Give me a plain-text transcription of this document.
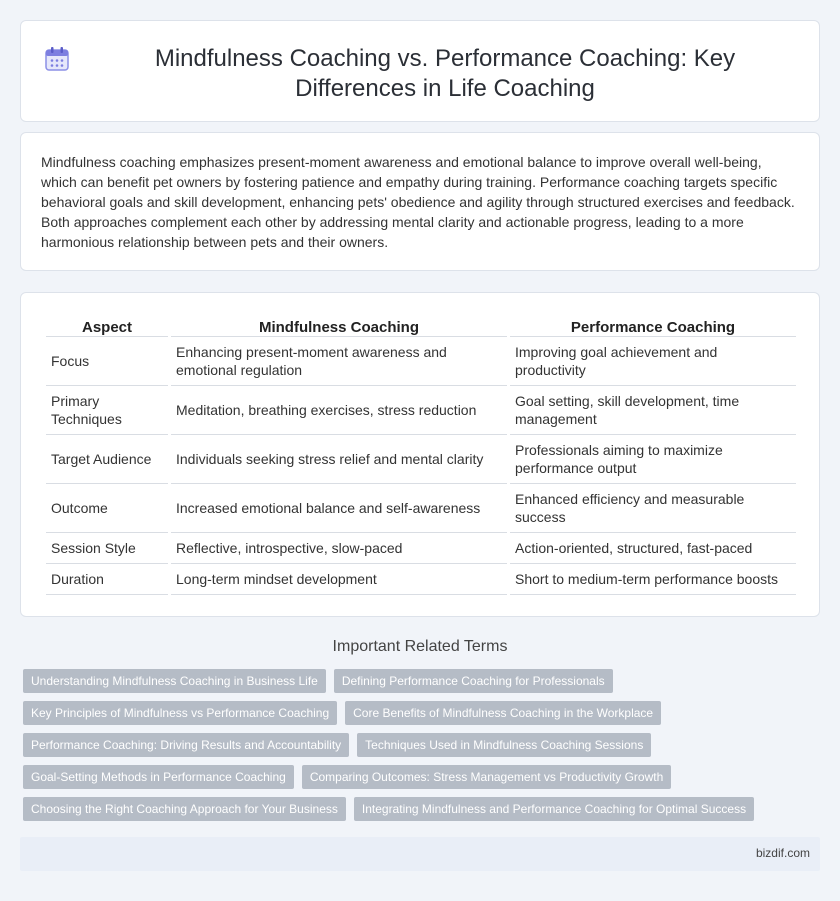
Mindfulness Coaching vs. Performance Coaching: Key Differences in Life Coaching

Mindfulness coaching emphasizes present-moment awareness and emotional balance to improve overall well-being, which can benefit pet owners by fostering patience and empathy during training. Performance coaching targets specific behavioral goals and skill development, enhancing pets' obedience and agility through structured exercises and feedback. Both approaches complement each other by addressing mental clarity and actionable progress, leading to a more harmonious relationship between pets and their owners.

Aspect	Mindfulness Coaching	Performance Coaching
Focus	Enhancing present-moment awareness and emotional regulation	Improving goal achievement and productivity
Primary Techniques	Meditation, breathing exercises, stress reduction	Goal setting, skill development, time management
Target Audience	Individuals seeking stress relief and mental clarity	Professionals aiming to maximize performance output
Outcome	Increased emotional balance and self-awareness	Enhanced efficiency and measurable success
Session Style	Reflective, introspective, slow-paced	Action-oriented, structured, fast-paced
Duration	Long-term mindset development	Short to medium-term performance boosts
Important Related Terms
Understanding Mindfulness Coaching in Business Life	Defining Performance Coaching for Professionals
Key Principles of Mindfulness vs Performance Coaching	Core Benefits of Mindfulness Coaching in the Workplace
Performance Coaching: Driving Results and Accountability	Techniques Used in Mindfulness Coaching Sessions
Goal-Setting Methods in Performance Coaching	Comparing Outcomes: Stress Management vs Productivity Growth
Choosing the Right Coaching Approach for Your Business	Integrating Mindfulness and Performance Coaching for Optimal Success
bizdif.com
